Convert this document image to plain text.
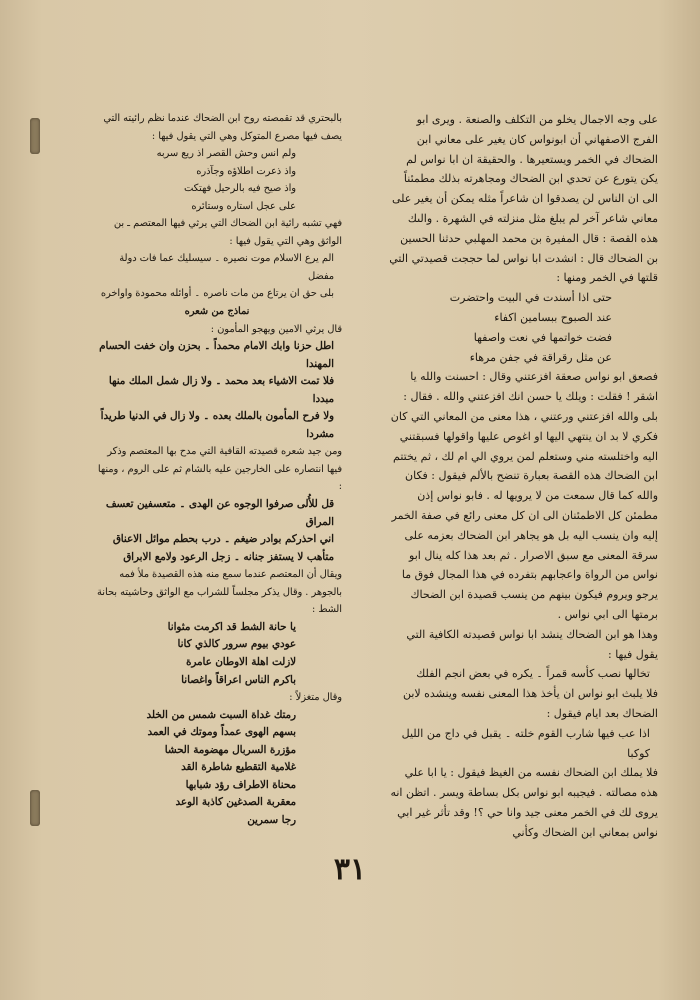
على وجه الاجمال يخلو من التكلف والصنعة . ويرى ابو الفرج الاصفهاني أن ابونواس كان يغير على معاني ابن الضحاك في الخمر ويستعيرها . والحقيقة ان ابا نواس لم يكن يتورع عن تحدي ابن الضحاك ومجاهرته بذلك مطمئناً الى ان الناس لن يصدقوا ان شاعراً مثله يمكن أن يغير على معاني شاعر آخر لم يبلغ مثل منزلته في الشهرة . والىك هذه القصة : قال المفيرة بن محمد المهلبي حدثنا الحسين بن الضحاك قال : انشدت ابا نواس لما حججت قصيدتي التي قلتها في الخمر ومنها :

حتى اذا أسندت في البيت واحتضرت

عند الصبوح ببسامين اكفاء

فضت خواتمها في نعت واصفها

عن مثل رقراقة في جفن مرهاء

فصعق ابو نواس صعقة افزعتني وقال : احسنت والله يا اشقر ! فقلت : ويلك يا حسن انك افزعتني والله . فقال : بلى والله افزعتني ورعتني ، هذا معنى من المعاني التي كان فكري لا بد ان ينتهي اليها او اغوص عليها واقولها فسبقتني اليه واختلسته مني وستعلم لمن يروي الي ام لك ، ثم يختتم ابن الضحاك هذه القصة بعبارة تنضح بالألم فيقول : فكان والله كما قال سمعت من لا يرويها له . فابو نواس إذن مطمئن كل الاطمئنان الى ان كل معنى رائع في صفة الخمر إليه وان ينسب اليه بل هو يجاهر ابن الضحاك بعزمه على سرقة المعنى مع سبق الاصرار . ثم بعد هذا كله ينال ابو نواس من الرواة واعجابهم بتفرده في هذا المجال فوق ما يرجو ويروم فيكون بينهم من ينسب قصيدة ابن الضحاك برمتها الى ابي نواس .

وهذا هو ابن الضحاك ينشد ابا نواس قصيدته الكافية التي يقول فيها :

تخالها نصب كأسه قمراً ۔ يكره في بعض انجم الفلك

فلا يلبث ابو نواس ان يأخذ هذا المعنى نفسه وينشده لابن الضحاك بعد ايام فيقول :

اذا عب فيها شارب القوم خلته ۔ يقبل في داج من الليل كوكبا

فلا يملك ابن الضحاك نفسه من الغيظ فيقول : يا ابا علي هذه مصالته . فيجيبه ابو نواس بكل بساطة ويسر . اتظن انه يروى لك في الخمر معنى جيد وانا حي ؟! وقد تأثر غير ابي نواس بمعاني ابن الضحاك وكأني

بالبحتري قد تقمصته روح ابن الضحاك عندما نظم رائيته التي يصف فيها مصرع المتوكل وهي التي يقول فيها :

ولم انس وحش القصر اذ ريع سربه

واذ ذعرت اطلاؤه وجآذره

واذ صيح فيه بالرحيل فهتكت

على عجل استاره وستائره

فهي تشبه رائية ابن الضحاك التي يرثي فيها المعتصم ـ بن الواثق وهي التي يقول فيها :

الم يرع الاسلام موت نصيره ۔ سيسليك عما فات دولة مفضل

بلى حق ان يرتاع من مات ناصره ۔ أوائله محمودة واواخره

نماذج من شعره

قال يرثي الامين ويهجو المأمون :

اطل حزنا وابك الامام محمداً ۔ بحزن وان خفت الحسام المهندا

فلا تمت الاشياء بعد محمد ۔ ولا زال شمل الملك منها مبددا

ولا فرح المأمون بالملك بعده ۔ ولا زال في الدنيا طريداً مشردا

ومن جيد شعره قصيدته القافية التي مدح بها المعتصم وذكر فيها انتصاره على الخارجين عليه بالشام ثم على الروم ، ومنها :

قل للأُلى صرفوا الوجوه عن الهدى ۔ متعسفين تعسف المراق

اني احذركم بوادر ضيغم ۔ درب بحطم موائل الاعناق

متأهب لا يستفز جنانه ۔ زجل الرعود ولامع الابراق

ويقال أن المعتصم عندما سمع منه هذه القصيدة ملأ فمه بالجوهر . وقال يذكر مجلساً للشراب مع الواثق وحاشيته بحانة الشط :

يا حانة الشط قد اكرمت مثوانا

عودي بيوم سرور كالذي كانا

لازلت اهلة الاوطان عامرة

باكرم الناس اعراقاً واغصانا

وقال متغزلاً :

رمتك غداة السبت شمس من الخلد

بسهم الهوى عمداً وموتك في العمد

مؤزرة السربال مهضومة الحشا

غلامية التقطيع شاطرة القد

محناة الاطراف رؤد شبابها

معقربة الصدغين كاذبة الوعد

رجا سمرين

٣١
